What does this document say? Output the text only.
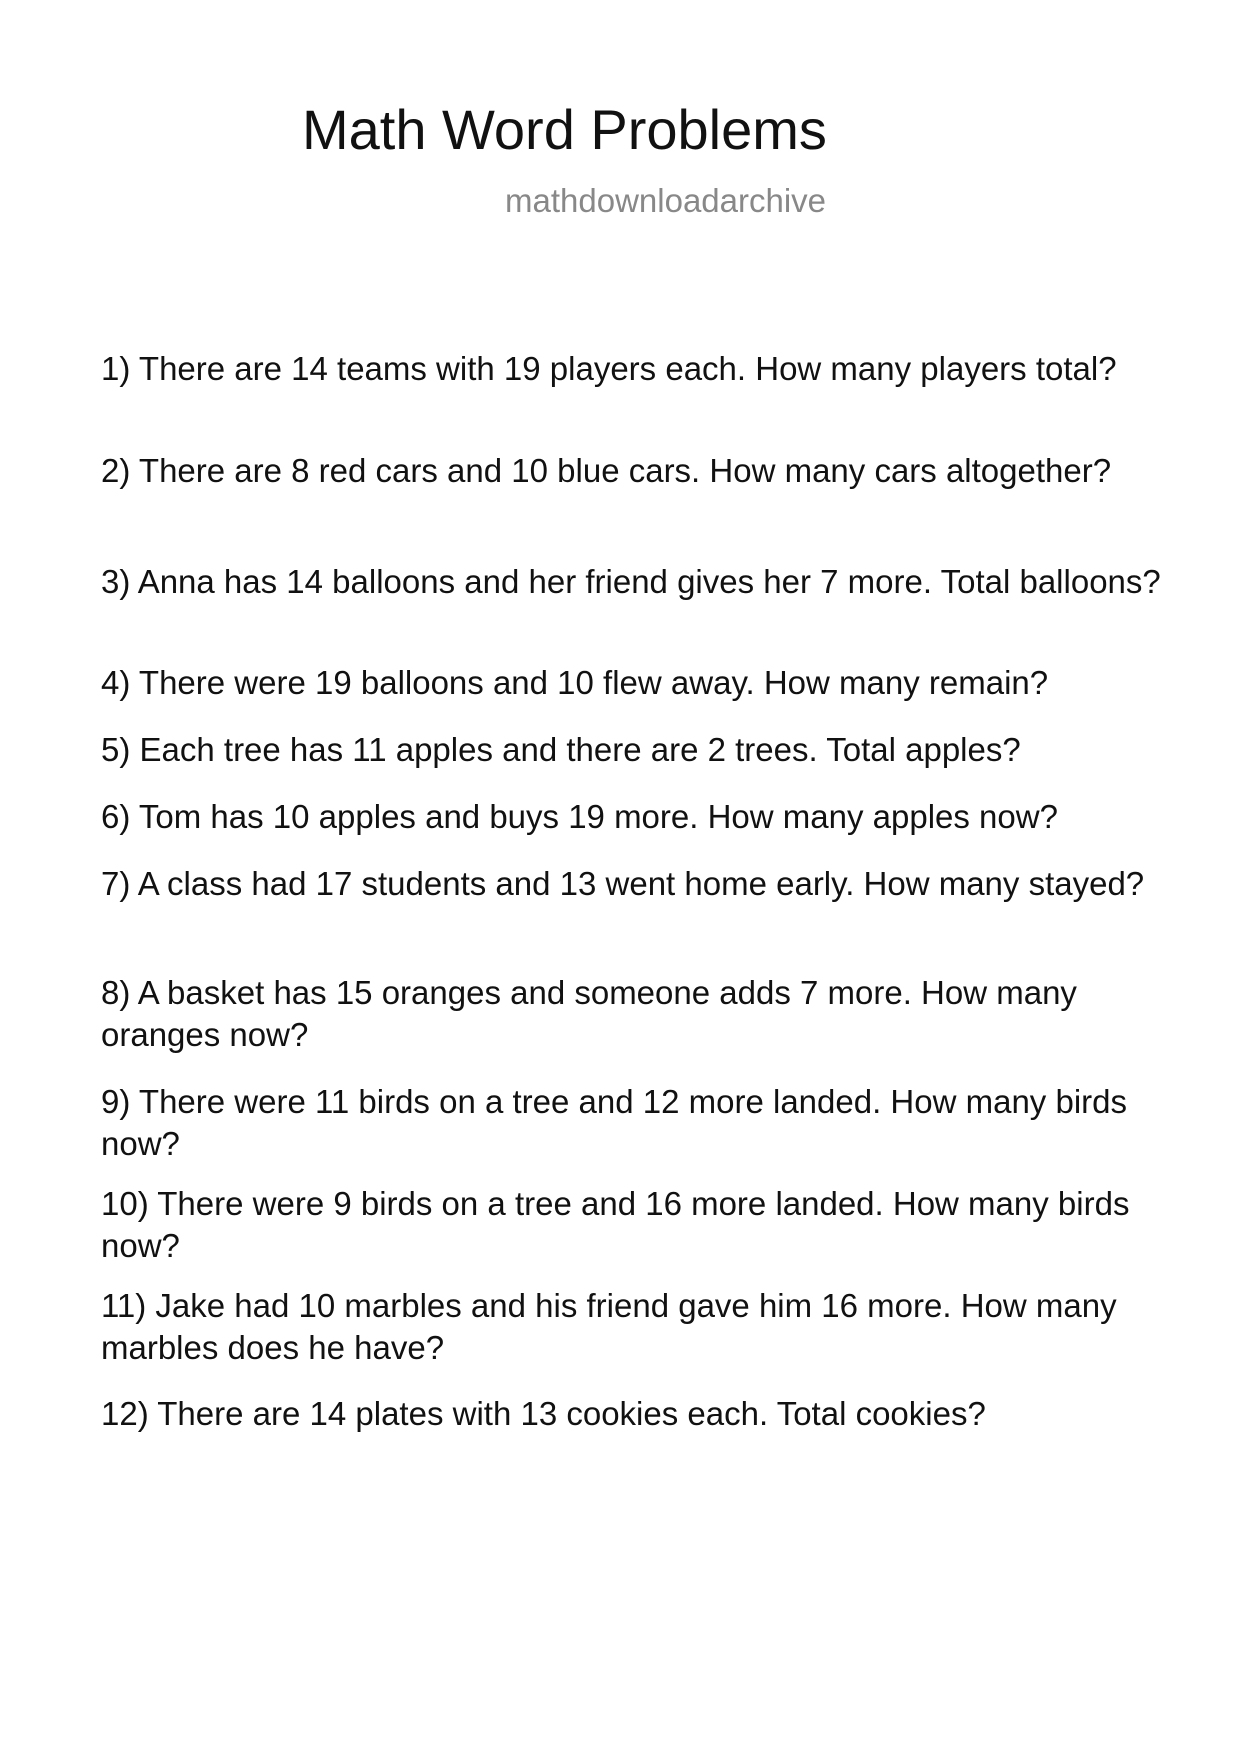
Math Word Problems
mathdownloadarchive

1) There are 14 teams with 19 players each. How many players total?

2) There are 8 red cars and 10 blue cars. How many cars altogether?

3) Anna has 14 balloons and her friend gives her 7 more. Total balloons?

4) There were 19 balloons and 10 flew away. How many remain?

5) Each tree has 11 apples and there are 2 trees. Total apples?

6) Tom has 10 apples and buys 19 more. How many apples now?

7) A class had 17 students and 13 went home early. How many stayed?

8) A basket has 15 oranges and someone adds 7 more. How many oranges now?

9) There were 11 birds on a tree and 12 more landed. How many birds now?

10) There were 9 birds on a tree and 16 more landed. How many birds now?

11) Jake had 10 marbles and his friend gave him 16 more. How many marbles does he have?

12) There are 14 plates with 13 cookies each. Total cookies?
